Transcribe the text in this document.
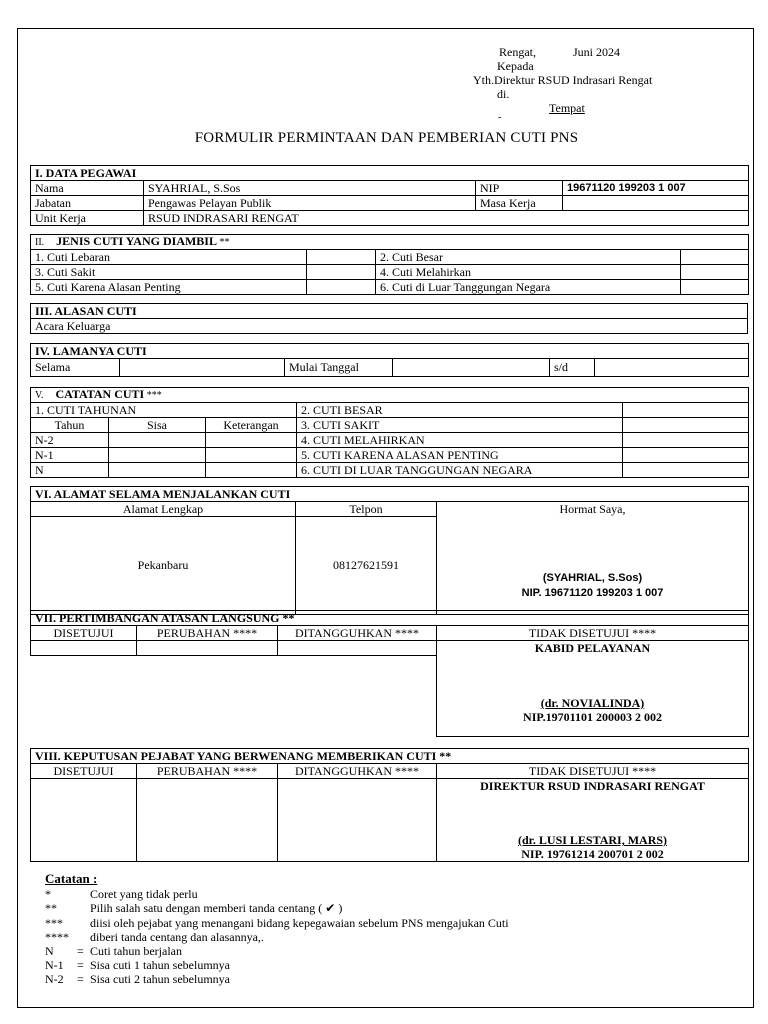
Rengat,	Juni 2024
Kepada
Yth.Direktur RSUD Indrasari Rengat
di.
Tempat
-
FORMULIR PERMINTAAN DAN PEMBERIAN CUTI PNS
I. DATA PEGAWAI			
Nama	SYAHRIAL, S.Sos	NIP	19671120 199203 1 007
Jabatan	Pengawas Pelayan Publik	Masa Kerja	
Unit Kerja	RSUD INDRASARI RENGAT		
II. JENIS CUTI YANG DIAMBIL **			
1. Cuti Lebaran		2. Cuti Besar	
3. Cuti Sakit		4. Cuti Melahirkan	
5. Cuti Karena Alasan Penting		6. Cuti di Luar Tanggungan Negara	
III. ALASAN CUTI
Acara Keluarga
IV. LAMANYA CUTI
Selama		Mulai Tanggal		s/d	
V. CATATAN CUTI ***				
1. CUTI TAHUNAN			2. CUTI BESAR	
Tahun	Sisa	Keterangan	3. CUTI SAKIT	
N-2			4. CUTI MELAHIRKAN	
N-1			5. CUTI KARENA ALASAN PENTING	
N			6. CUTI DI LUAR TANGGUNGAN NEGARA	
VI. ALAMAT SELAMA MENJALANKAN CUTI		
Alamat Lengkap	Telpon	Hormat Saya,
(SYAHRIAL, S.Sos)
NIP. 19671120 199203 1 007

Pekanbaru	08127621591	
VII. PERTIMBANGAN ATASAN LANGSUNG **			
DISETUJUI	PERUBAHAN ****	DITANGGUHKAN ****	TIDAK DISETUJUI ****

			KABID PELAYANAN
(dr. NOVIALINDA)
NIP.19701101 200003 2 002

VIII. KEPUTUSAN PEJABAT YANG BERWENANG MEMBERIKAN CUTI **			
DISETUJUI	PERUBAHAN ****	DITANGGUHKAN ****	TIDAK DISETUJUI ****

			DIREKTUR RSUD INDRASARI RENGAT
(dr. LUSI LESTARI, MARS)
NIP. 19761214 200701 2 002
Catatan :
*	Coret yang tidak perlu
**	Pilih salah satu dengan memberi tanda centang ( ✔ )
***	diisi oleh pejabat yang menangani bidang kepegawaian sebelum PNS mengajukan Cuti
****	diberi tanda centang dan alasannya,.
N	= Cuti tahun berjalan
N-1	= Sisa cuti 1 tahun sebelumnya
N-2	= Sisa cuti 2 tahun sebelumnya
